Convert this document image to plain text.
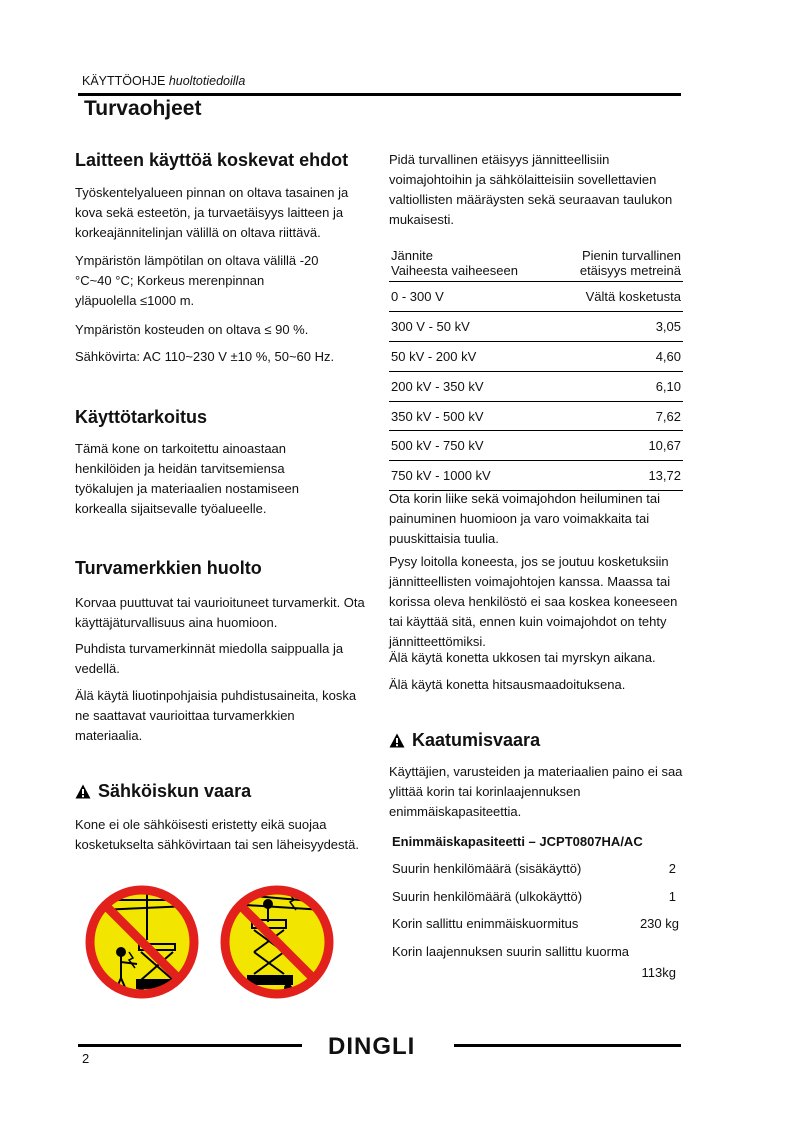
KÄYTTÖOHJE huoltotiedoilla
Turvaohjeet
Laitteen käyttöä koskevat ehdot

Työskentelyalueen pinnan on oltava tasainen ja kova sekä esteetön, ja turvaetäisyys laitteen ja korkeajännitelinjan välillä on oltava riittävä.

Ympäristön lämpötilan on oltava välillä -20 °C~40 °C; Korkeus merenpinnan yläpuolella ≤1000 m.

Ympäristön kosteuden on oltava ≤ 90 %.

Sähkövirta: AC 110~230 V ±10 %, 50~60 Hz.

Käyttötarkoitus

Tämä kone on tarkoitettu ainoastaan henkilöiden ja heidän tarvitsemiensa työkalujen ja materiaalien nostamiseen korkealla sijaitsevalle työalueelle.

Turvamerkkien huolto

Korvaa puuttuvat tai vaurioituneet turvamerkit. Ota käyttäjäturvallisuus aina huomioon.

Puhdista turvamerkinnät miedolla saippualla ja vedellä.

Älä käytä liuotinpohjaisia puhdistusaineita, koska ne saattavat vaurioittaa turvamerkkien materiaalia.

Sähköiskun vaara

Kone ei ole sähköisesti eristetty eikä suojaa kosketukselta sähkövirtaan tai sen läheisyydestä.

Pidä turvallinen etäisyys jännitteellisiin voimajohtoihin ja sähkölaitteisiin sovellettavien valtiollisten määräysten sekä seuraavan taulukon mukaisesti.

Jännite
Vaiheesta vaiheeseen	Pienin turvallinen
etäisyys metreinä
0 - 300 V	Vältä kosketusta
300 V - 50 kV	3,05
50 kV - 200 kV	4,60
200 kV - 350 kV	6,10
350 kV - 500 kV	7,62
500 kV - 750 kV	10,67
750 kV - 1000 kV	13,72

Ota korin liike sekä voimajohdon heiluminen tai painuminen huomioon ja varo voimakkaita tai puuskittaisia tuulia.

Pysy loitolla koneesta, jos se joutuu kosketuksiin jännitteellisten voimajohtojen kanssa. Maassa tai korissa oleva henkilöstö ei saa koskea koneeseen tai käyttää sitä, ennen kuin voimajohdot on tehty jännitteettömiksi.

Älä käytä konetta ukkosen tai myrskyn aikana.

Älä käytä konetta hitsausmaadoituksena.

Kaatumisvaara

Käyttäjien, varusteiden ja materiaalien paino ei saa ylittää korin tai korinlaajennuksen enimmäiskapasiteettia.

Enimmäiskapasiteetti – JCPT0807HA/AC
Suurin henkilömäärä (sisäkäyttö)	2
Suurin henkilömäärä (ulkokäyttö)	1
Korin sallittu enimmäiskuormitus	230 kg
Korin laajennuksen suurin sallittu kuorma
113kg
DINGLI
2
